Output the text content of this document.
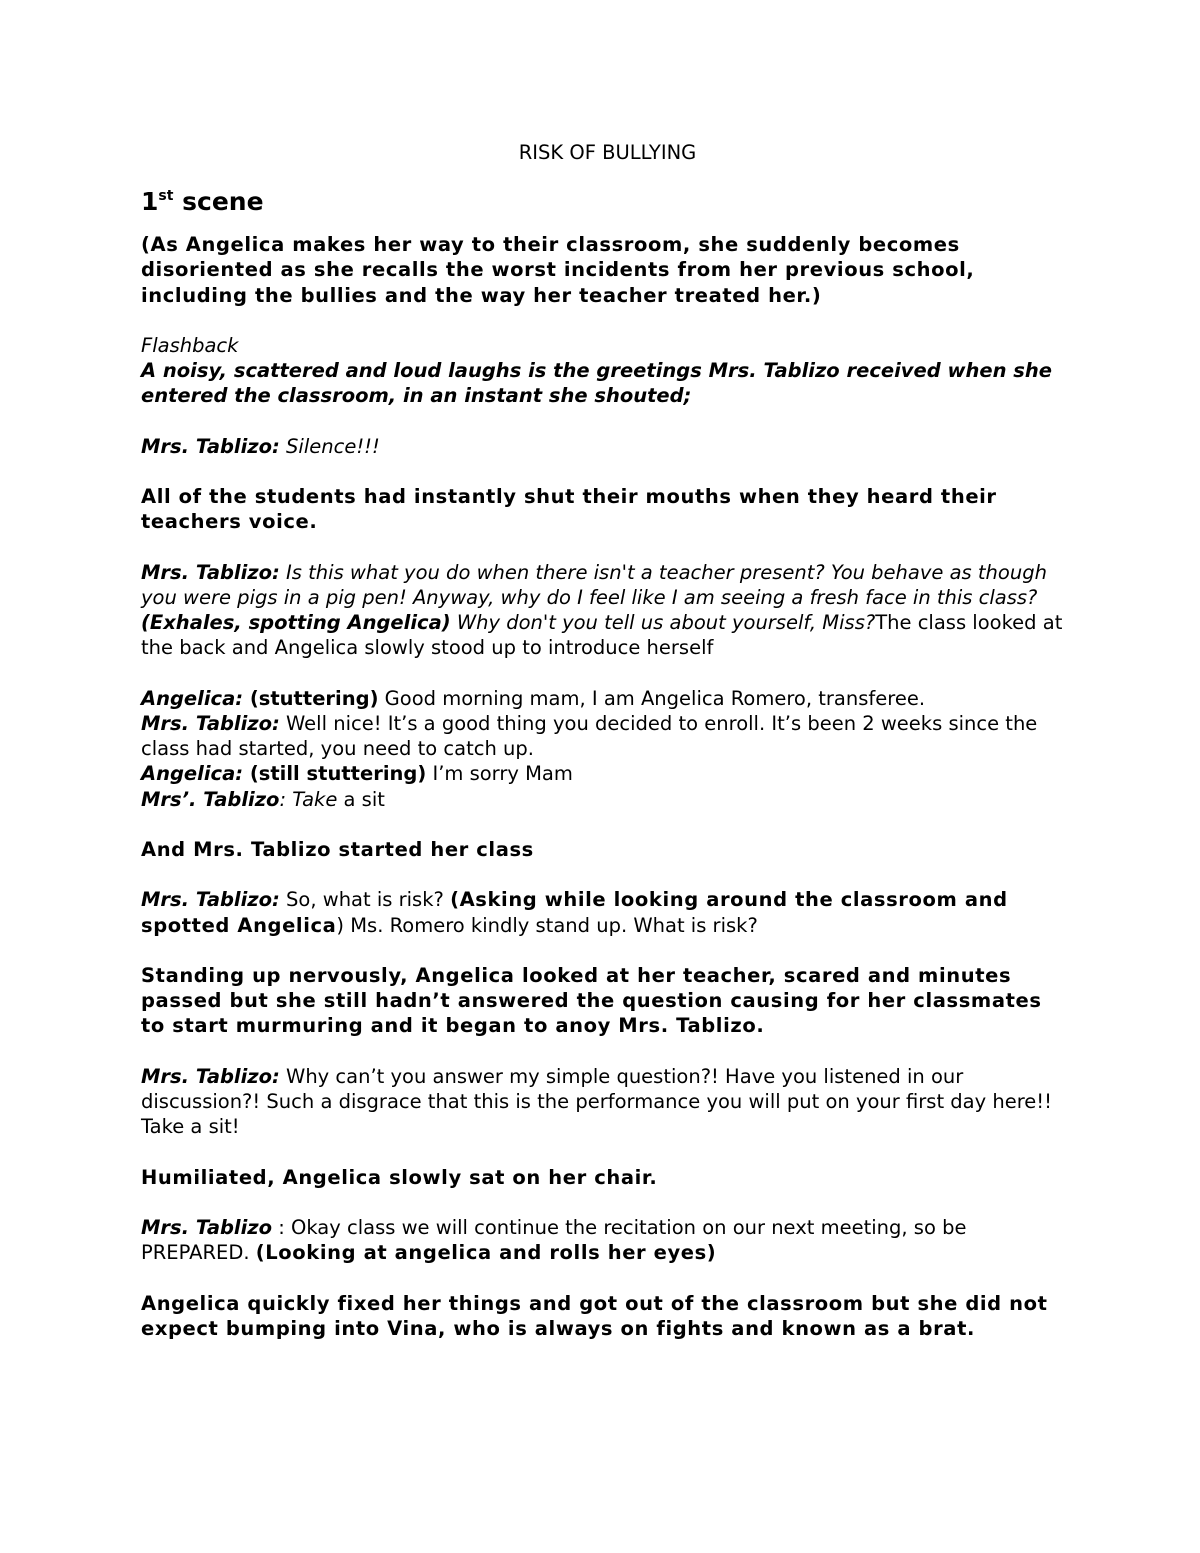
RISK OF BULLYING
1st scene

(As Angelica makes her way to their classroom, she suddenly becomes disoriented as she recalls the worst incidents from her previous school, including the bullies and the way her teacher treated her.)

Flashback
A noisy, scattered and loud laughs is the greetings Mrs. Tablizo received when she entered the classroom, in an instant she shouted;

Mrs. Tablizo: Silence!!!

All of the students had instantly shut their mouths when they heard their teachers voice.

Mrs. Tablizo: Is this what you do when there isn't a teacher present? You behave as though you were pigs in a pig pen! Anyway, why do I feel like I am seeing a fresh face in this class? (Exhales, spotting Angelica) Why don't you tell us about yourself, Miss?The class looked at the back and Angelica slowly stood up to introduce herself

Angelica: (stuttering) Good morning mam, I am Angelica Romero, transferee.
Mrs. Tablizo: Well nice! It’s a good thing you decided to enroll. It’s been 2 weeks since the class had started, you need to catch up.
Angelica: (still stuttering) I’m sorry Mam
Mrs’. Tablizo: Take a sit

And Mrs. Tablizo started her class

Mrs. Tablizo: So, what is risk? (Asking while looking around the classroom and spotted Angelica) Ms. Romero kindly stand up. What is risk?

Standing up nervously, Angelica looked at her teacher, scared and minutes passed but she still hadn’t answered the question causing for her classmates to start murmuring and it began to anoy Mrs. Tablizo.

Mrs. Tablizo: Why can’t you answer my simple question?! Have you listened in our discussion?! Such a disgrace that this is the performance you will put on your first day here!! Take a sit!

Humiliated, Angelica slowly sat on her chair.

Mrs. Tablizo : Okay class we will continue the recitation on our next meeting, so be PREPARED. (Looking at angelica and rolls her eyes)

Angelica quickly fixed her things and got out of the classroom but she did not expect bumping into Vina, who is always on fights and known as a brat.
